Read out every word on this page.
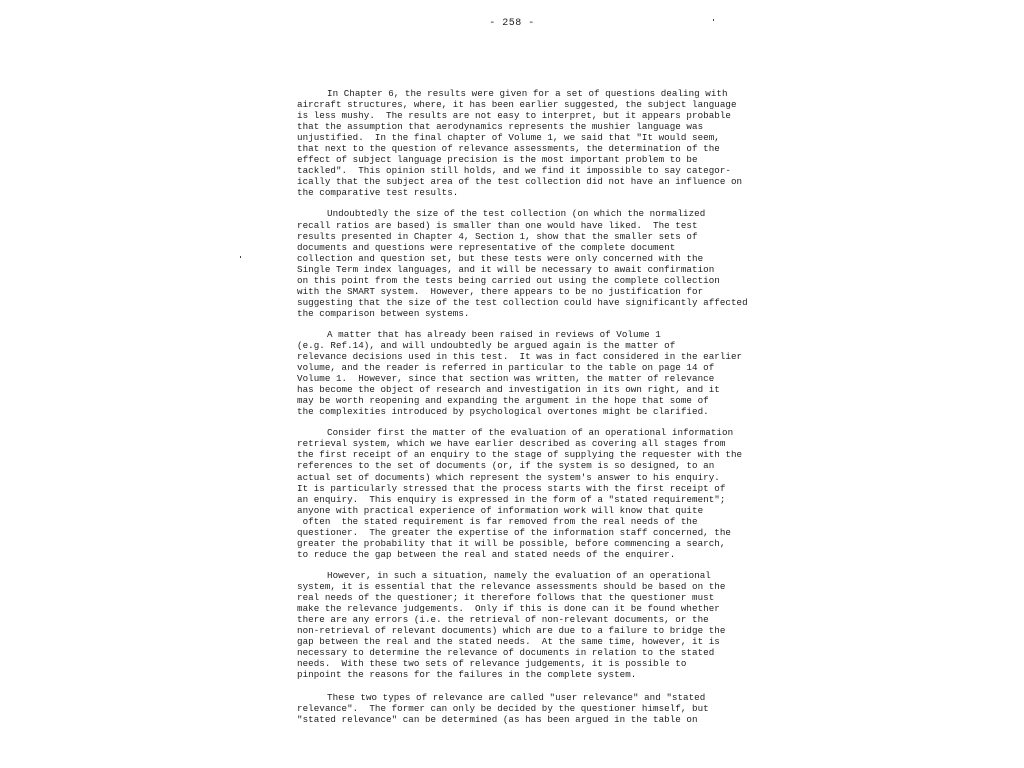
- 258 -
In Chapter 6, the results were given for a set of questions dealing with
aircraft structures, where, it has been earlier suggested, the subject language
is less mushy.  The results are not easy to interpret, but it appears probable
that the assumption that aerodynamics represents the mushier language was
unjustified.  In the final chapter of Volume 1, we said that "It would seem,
that next to the question of relevance assessments, the determination of the
effect of subject language precision is the most important problem to be
tackled".  This opinion still holds, and we find it impossible to say categor-
ically that the subject area of the test collection did not have an influence on
the comparative test results.
Undoubtedly the size of the test collection (on which the normalized
recall ratios are based) is smaller than one would have liked.  The test
results presented in Chapter 4, Section 1, show that the smaller sets of
documents and questions were representative of the complete document
collection and question set, but these tests were only concerned with the
Single Term index languages, and it will be necessary to await confirmation
on this point from the tests being carried out using the complete collection
with the SMART system.  However, there appears to be no justification for
suggesting that the size of the test collection could have significantly affected
the comparison between systems.
A matter that has already been raised in reviews of Volume 1
(e.g. Ref.14), and will undoubtedly be argued again is the matter of
relevance decisions used in this test.  It was in fact considered in the earlier
volume, and the reader is referred in particular to the table on page 14 of
Volume 1.  However, since that section was written, the matter of relevance
has become the object of research and investigation in its own right, and it
may be worth reopening and expanding the argument in the hope that some of
the complexities introduced by psychological overtones might be clarified.
Consider first the matter of the evaluation of an operational information
retrieval system, which we have earlier described as covering all stages from
the first receipt of an enquiry to the stage of supplying the requester with the
references to the set of documents (or, if the system is so designed, to an
actual set of documents) which represent the system's answer to his enquiry.
It is particularly stressed that the process starts with the first receipt of
an enquiry.  This enquiry is expressed in the form of a "stated requirement";
anyone with practical experience of information work will know that quite
often  the stated requirement is far removed from the real needs of the
questioner.  The greater the expertise of the information staff concerned, the
greater the probability that it will be possible, before commencing a search,
to reduce the gap between the real and stated needs of the enquirer.
However, in such a situation, namely the evaluation of an operational
system, it is essential that the relevance assessments should be based on the
real needs of the questioner; it therefore follows that the questioner must
make the relevance judgements.  Only if this is done can it be found whether
there are any errors (i.e. the retrieval of non-relevant documents, or the
non-retrieval of relevant documents) which are due to a failure to bridge the
gap between the real and the stated needs.  At the same time, however, it is
necessary to determine the relevance of documents in relation to the stated
needs.  With these two sets of relevance judgements, it is possible to
pinpoint the reasons for the failures in the complete system.
These two types of relevance are called "user relevance" and "stated
relevance".  The former can only be decided by the questioner himself, but
"stated relevance" can be determined (as has been argued in the table on
